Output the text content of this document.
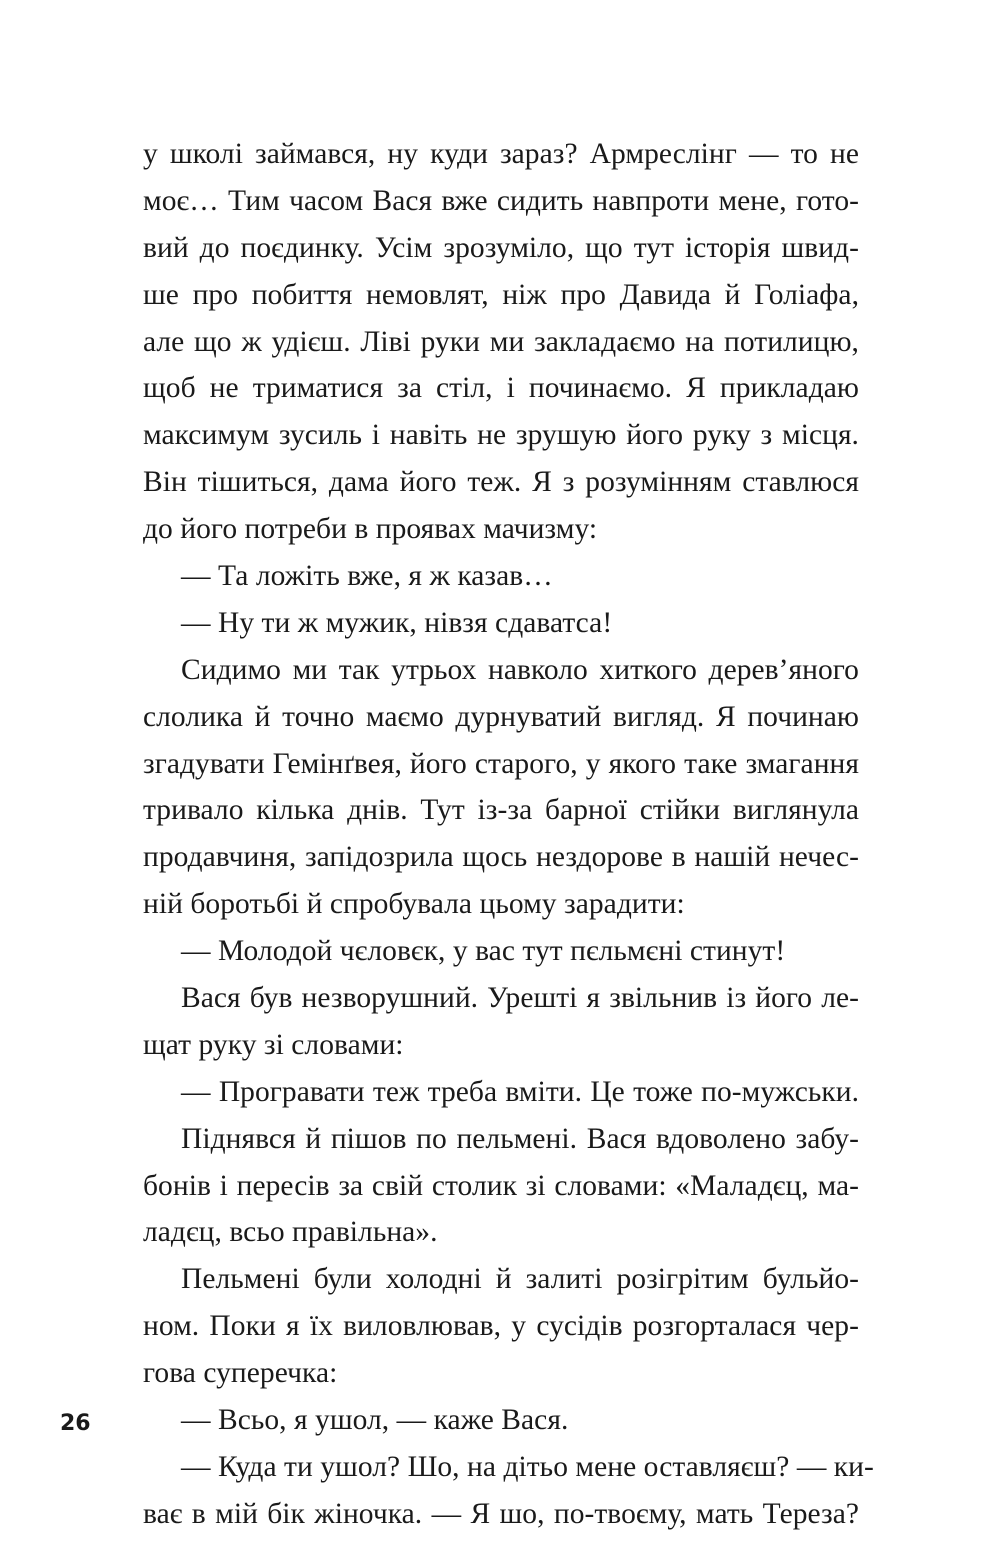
у школі займався, ну куди зараз? Армреслінг — то не
моє… Тим часом Вася вже сидить навпроти мене, гото-
вий до поєдинку. Усім зрозуміло, що тут історія швид-
ше про побиття немовлят, ніж про Давида й Голіафа,
але що ж удієш. Ліві руки ми закладаємо на потилицю,
щоб не триматися за стіл, і починаємо. Я прикладаю
максимум зусиль і навіть не зрушую його руку з місця.
Він тішиться, дама його теж. Я з розумінням ставлюся
до його потреби в проявах мачизму:
— Та ложіть вже, я ж казав…
— Ну ти ж мужик, нівзя сдаватса!
Сидимо ми так утрьох навколо хиткого дерев’яного
слолика й точно маємо дурнуватий вигляд. Я починаю
згадувати Гемінґвея, його старого, у якого таке змагання
тривало кілька днів. Тут із-за барної стійки виглянула
продавчиня, запідозрила щось нездорове в нашій нечес-
ній боротьбі й спробувала цьому зарадити:
— Молодой чєловєк, у вас тут пєльмєні стинут!
Вася був незворушний. Урешті я звільнив із його ле-
щат руку зі словами:
— Програвати теж треба вміти. Це тоже по-мужськи.
Піднявся й пішов по пельмені. Вася вдоволено забу-
бонів і пересів за свій столик зі словами: «Маладєц, ма-
ладєц, всьо правільна».
Пельмені були холодні й залиті розігрітим бульйо-
ном. Поки я їх виловлював, у сусідів розгорталася чер-
гова суперечка:
— Всьо, я ушол, — каже Вася.
— Куда ти ушол? Шо, на дітьо мене оставляєш? — ки-
ває в мій бік жіночка. — Я шо, по-твоєму, мать Тереза?
26
